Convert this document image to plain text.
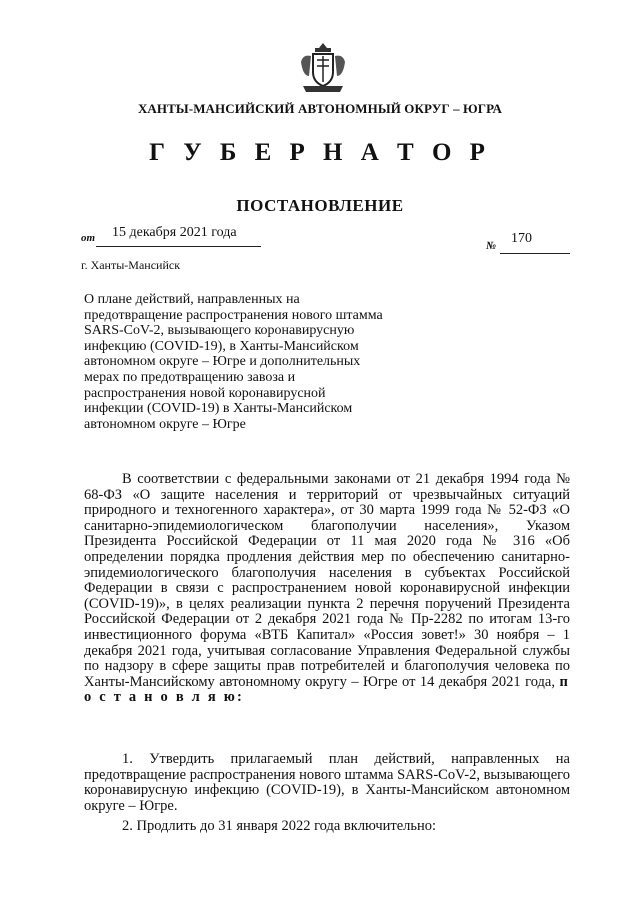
ХАНТЫ-МАНСИЙСКИЙ АВТОНОМНЫЙ ОКРУГ – ЮГРА
Г У Б Е Р Н А Т О Р
ПОСТАНОВЛЕНИЕ
от 15 декабря 2021 года
№ 170
г. Ханты-Мансийск
О плане действий, направленных на
предотвращение распространения нового штамма
SARS-CoV-2, вызывающего коронавирусную
инфекцию (COVID-19), в Ханты-Мансийском
автономном округе – Югре и дополнительных
мерах по предотвращению завоза и
распространения новой коронавирусной
инфекции (COVID-19) в Ханты-Мансийском
автономном округе – Югре
В соответствии с федеральными законами от 21 декабря 1994 года № 68-ФЗ «О защите населения и территорий от чрезвычайных ситуаций природного и техногенного характера», от 30 марта 1999 года № 52-ФЗ «О санитарно-эпидемиологическом благополучии населения», Указом Президента Российской Федерации от 11 мая 2020 года № 316 «Об определении порядка продления действия мер по обеспечению санитарно-эпидемиологического благополучия населения в субъектах Российской Федерации в связи с распространением новой коронавирусной инфекции (COVID-19)», в целях реализации пункта 2 перечня поручений Президента Российской Федерации от 2 декабря 2021 года № Пр-2282 по итогам 13-го инвестиционного форума «ВТБ Капитал» «Россия зовет!» 30 ноября – 1 декабря 2021 года, учитывая согласование Управления Федеральной службы по надзору в сфере защиты прав потребителей и благополучия человека по Ханты-Мансийскому автономному округу – Югре от 14 декабря 2021 года, п о с т а н о в л я ю:
1. Утвердить прилагаемый план действий, направленных на предотвращение распространения нового штамма SARS-CoV-2, вызывающего коронавирусную инфекцию (COVID-19), в Ханты-Мансийском автономном округе – Югре.
2. Продлить до 31 января 2022 года включительно:
